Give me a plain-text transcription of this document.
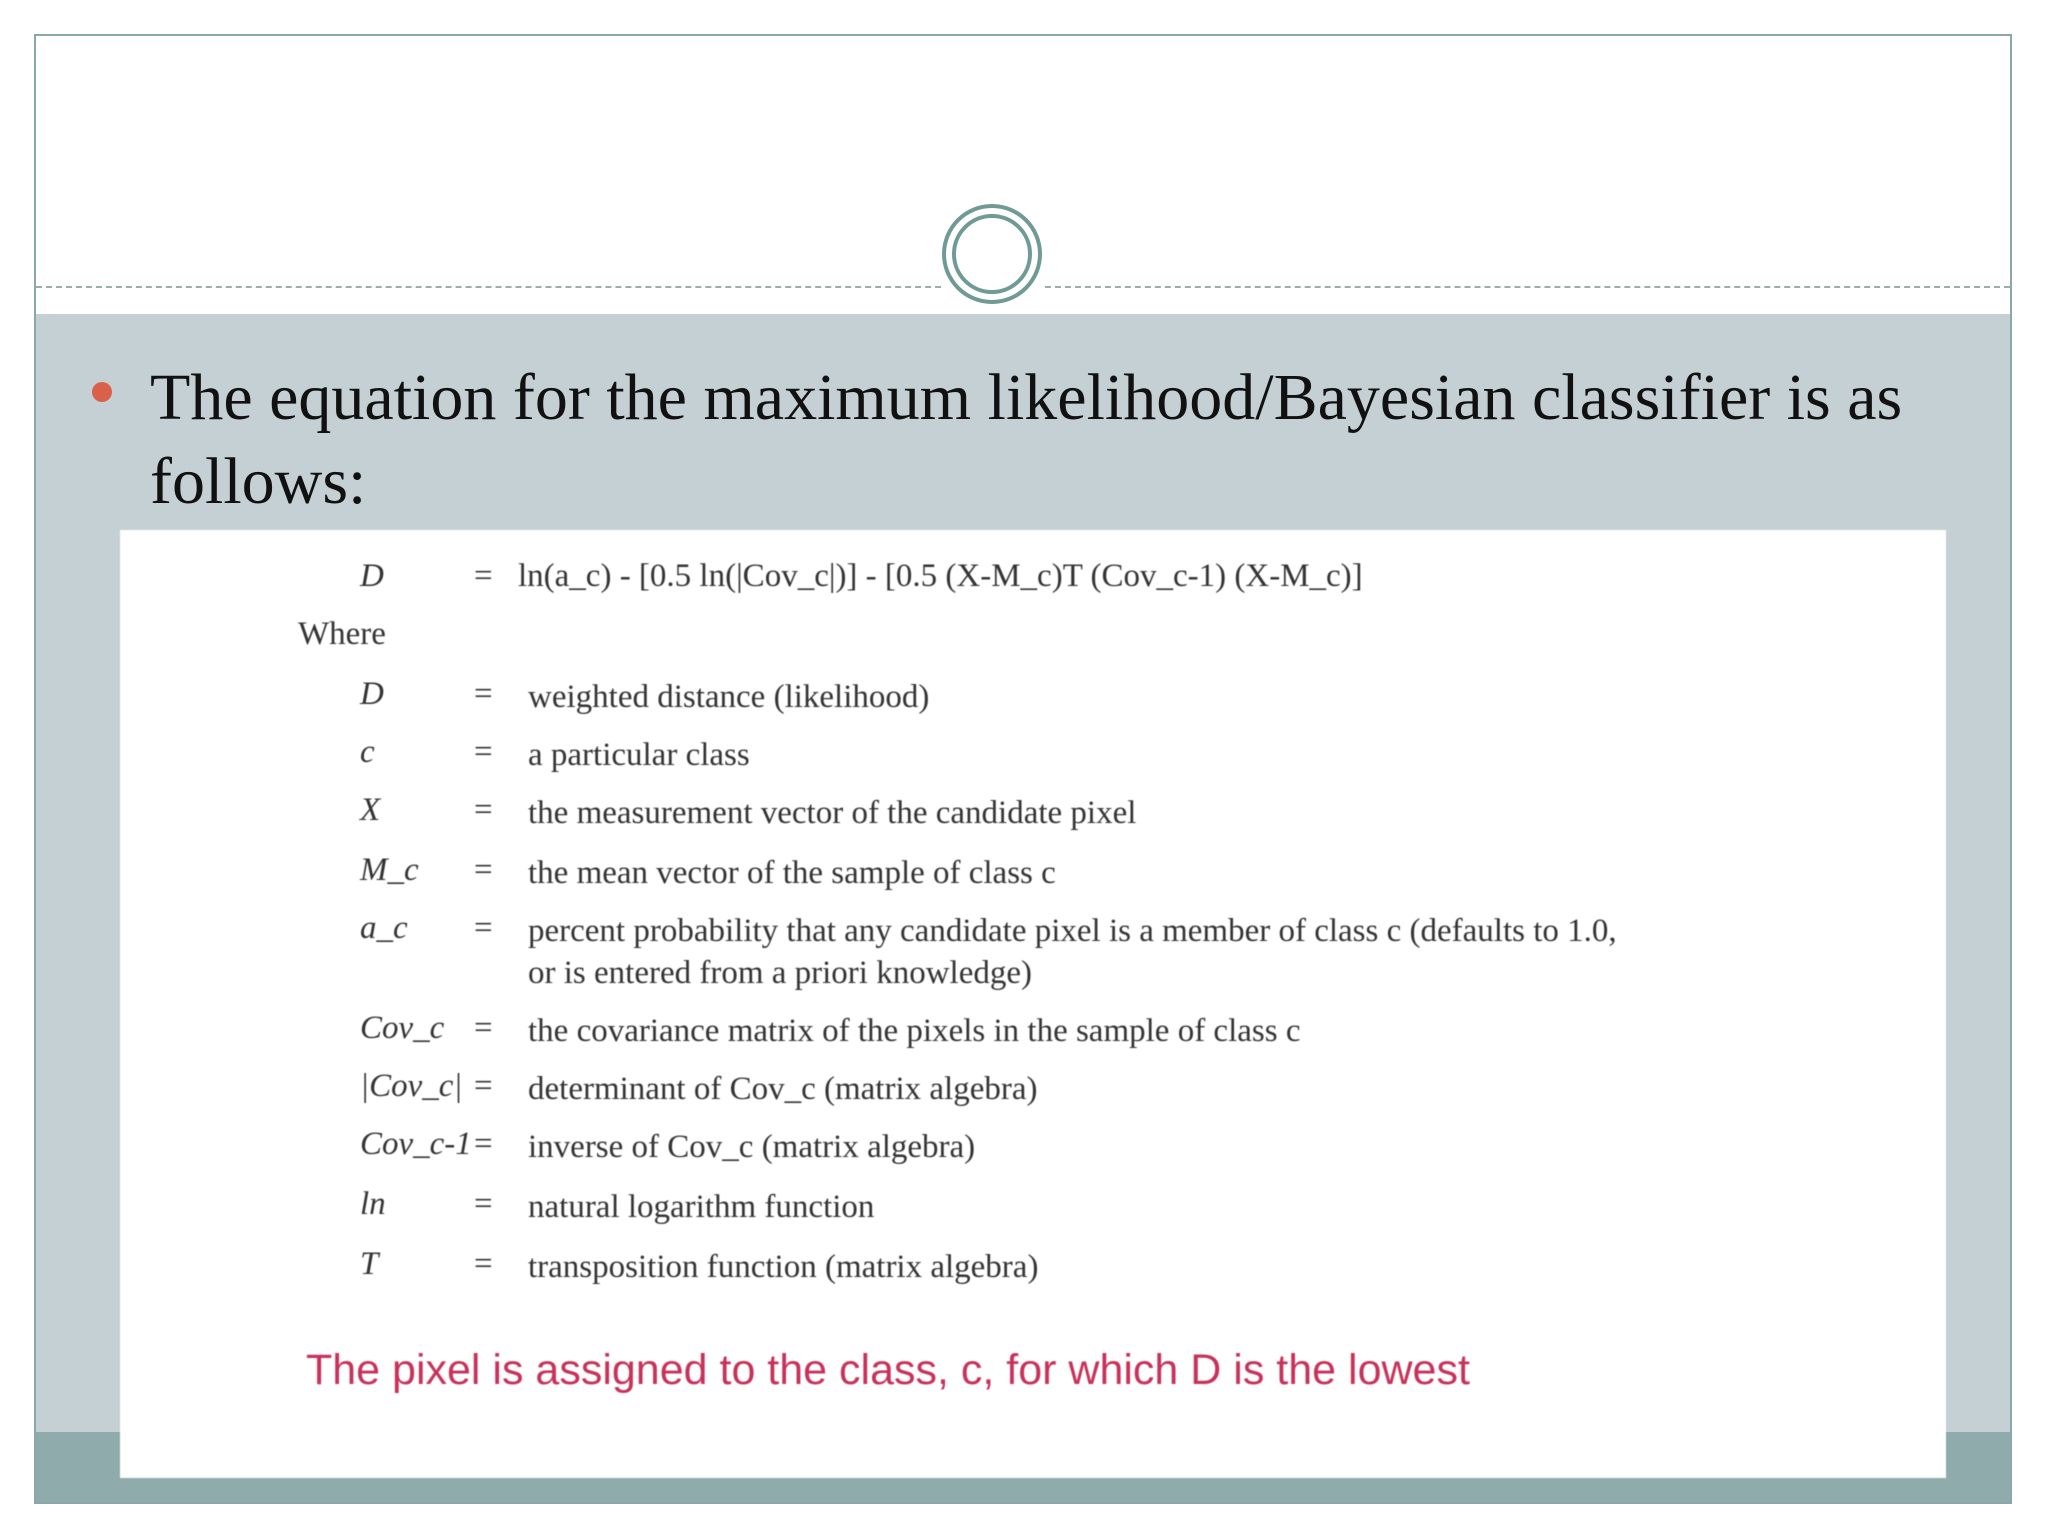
The equation for the maximum likelihood/Bayesian classifier is as follows:
D	= ln(a_c) - [0.5 ln(|Cov_c|)] - [0.5 (X-M_c)T (Cov_c-1) (X-M_c)]
Where
D	= weighted distance (likelihood)
c	= a particular class
X	= the measurement vector of the candidate pixel
M_c = the mean vector of the sample of class c
a_c = percent probability that any candidate pixel is a member of class c (defaults to 1.0, or is entered from a priori knowledge)
Cov_c = the covariance matrix of the pixels in the sample of class c
|Cov_c| = determinant of Cov_c (matrix algebra)
Cov_c-1 = inverse of Cov_c (matrix algebra)
ln	= natural logarithm function
T	= transposition function (matrix algebra)
The pixel is assigned to the class, c, for which D is the lowest
